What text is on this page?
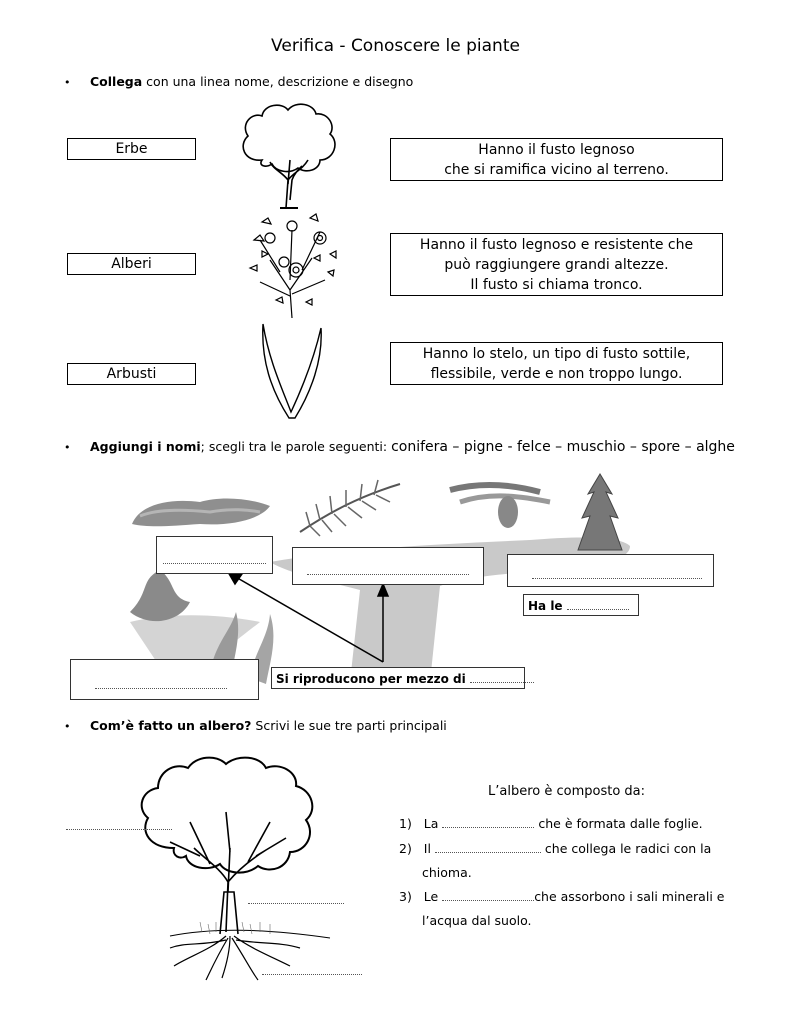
Verifica - Conoscere le piante
• Collega con una linea nome, descrizione e disegno
Erbe
Alberi
Arbusti
Hanno il fusto legnoso
che si ramifica vicino al terreno.
Hanno il fusto legnoso e resistente che
può raggiungere grandi altezze.
Il fusto si chiama tronco.
Hanno lo stelo, un tipo di fusto sottile,
flessibile, verde e non troppo lungo.
• Aggiungi i nomi; scegli tra le parole seguenti: conifera – pigne - felce – muschio – spore – alghe
Ha le
Si riproducono per mezzo di
• Com’è fatto un albero? Scrivi le sue tre parti principali
L’albero è composto da:
1) La	che è formata dalle foglie.
2) Il	che collega le radici con la
chioma.
3) Le	che assorbono i sali minerali e
l’acqua dal suolo.
